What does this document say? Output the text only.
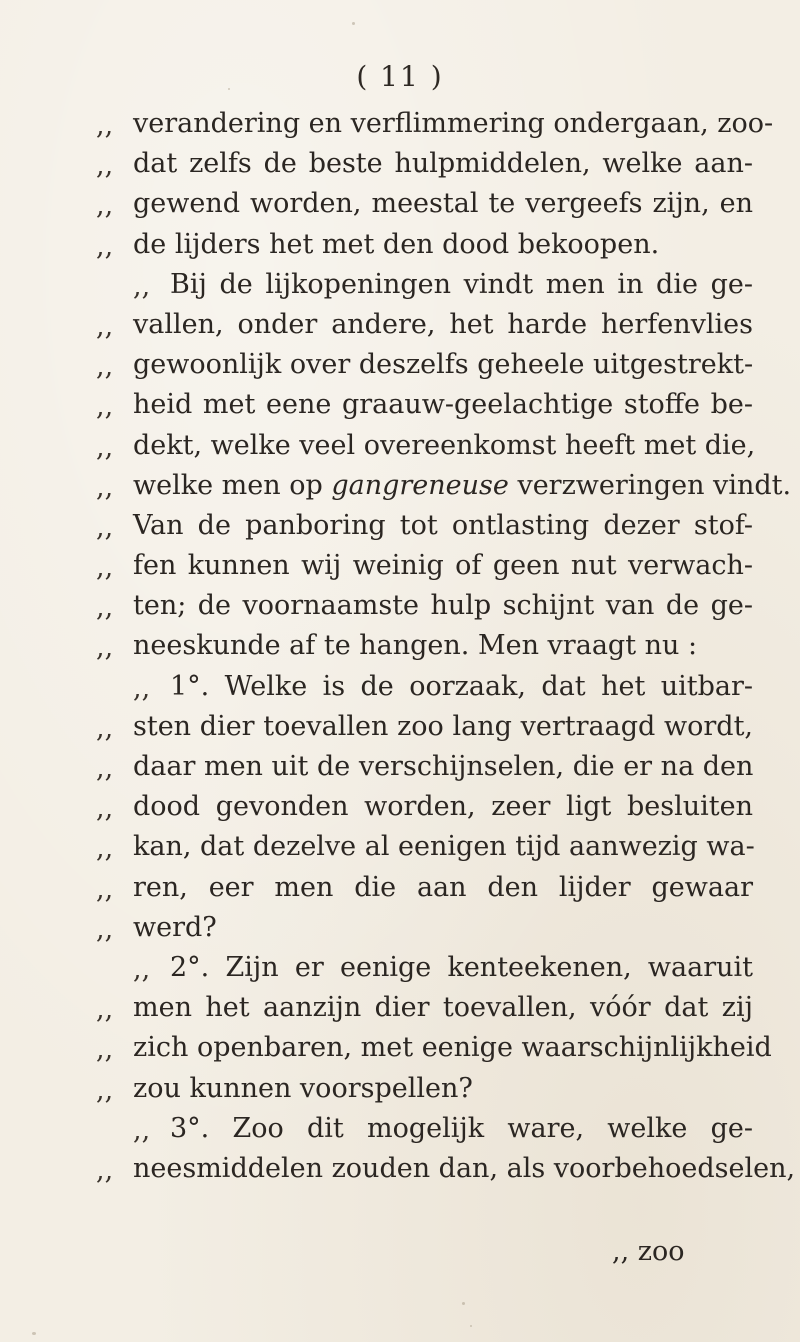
( 11 )
,, verandering en verflimmering ondergaan, zoo-
,, dat zelfs de beste hulpmiddelen, welke aan-
,, gewend worden, meestal te vergeefs zijn, en
,, de lijders het met den dood bekoopen.
,, Bij de lijkopeningen vindt men in die ge-
,, vallen, onder andere, het harde herfenvlies
,, gewoonlijk over deszelfs geheele uitgestrekt-
,, heid met eene graauw-geelachtige stoffe be-
,, dekt, welke veel overeenkomst heeft met die,
,, welke men op gangreneuse verzweringen vindt.
,, Van de panboring tot ontlasting dezer stof-
,, fen kunnen wij weinig of geen nut verwach-
,, ten; de voornaamste hulp schijnt van de ge-
,, neeskunde af te hangen. Men vraagt nu :
,, 1°. Welke is de oorzaak, dat het uitbar-
,, sten dier toevallen zoo lang vertraagd wordt,
,, daar men uit de verschijnselen, die er na den
,, dood gevonden worden, zeer ligt besluiten
,, kan, dat dezelve al eenigen tijd aanwezig wa-
,, ren, eer men die aan den lijder gewaar
,, werd?
,, 2°. Zijn er eenige kenteekenen, waaruit
,, men het aanzijn dier toevallen, vóór dat zij
,, zich openbaren, met eenige waarschijnlijkheid
,, zou kunnen voorspellen?
,, 3°. Zoo dit mogelijk ware, welke ge-
,, neesmiddelen zouden dan, als voorbehoedselen,
,, zoo
